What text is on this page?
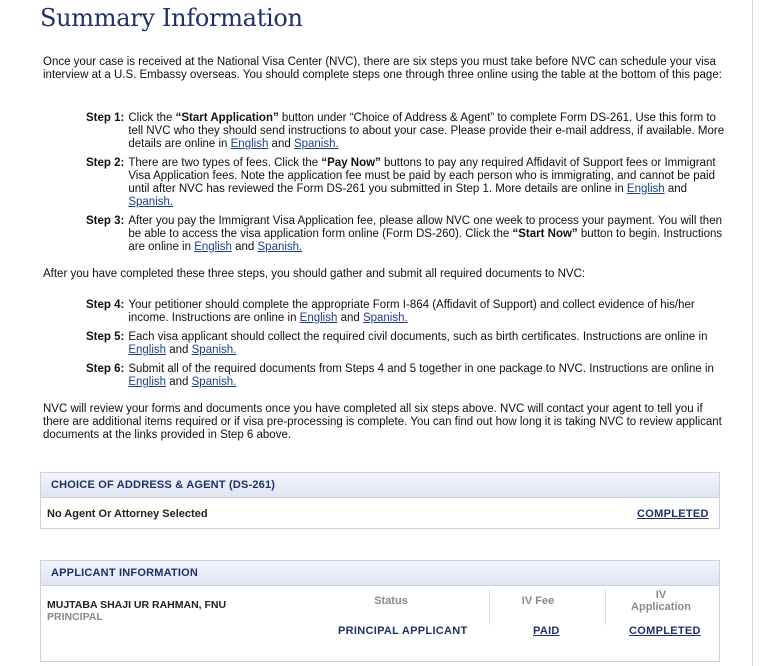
Summary Information

Once your case is received at the National Visa Center (NVC), there are six steps you must take before NVC can schedule your visa interview at a U.S. Embassy overseas. You should complete steps one through three online using the table at the bottom of this page:

Step 1: Click the “Start Application” button under “Choice of Address & Agent” to complete Form DS-261. Use this form to tell NVC who they should send instructions to about your case. Please provide their e-mail address, if available. More details are online in English and Spanish.
Step 2: There are two types of fees. Click the “Pay Now” buttons to pay any required Affidavit of Support fees or Immigrant Visa Application fees. Note the application fee must be paid by each person who is immigrating, and cannot be paid until after NVC has reviewed the Form DS-261 you submitted in Step 1. More details are online in English and Spanish.
Step 3: After you pay the Immigrant Visa Application fee, please allow NVC one week to process your payment. You will then be able to access the visa application form online (Form DS-260). Click the “Start Now” button to begin. Instructions are online in English and Spanish.

After you have completed these three steps, you should gather and submit all required documents to NVC:

Step 4: Your petitioner should complete the appropriate Form I-864 (Affidavit of Support) and collect evidence of his/her income. Instructions are online in English and Spanish.
Step 5: Each visa applicant should collect the required civil documents, such as birth certificates. Instructions are online in English and Spanish.
Step 6: Submit all of the required documents from Steps 4 and 5 together in one package to NVC. Instructions are online in English and Spanish.

NVC will review your forms and documents once you have completed all six steps above. NVC will contact your agent to tell you if there are additional items required or if visa pre-processing is complete. You can find out how long it is taking NVC to review applicant documents at the links provided in Step 6 above.

CHOICE OF ADDRESS & AGENT (DS-261)
No Agent Or Attorney Selected	COMPLETED
APPLICANT INFORMATION
Status	IV Fee	IV
Application
MUJTABA SHAJI UR RAHMAN, FNU
PRINCIPAL
PRINCIPAL APPLICANT	PAID	COMPLETED
